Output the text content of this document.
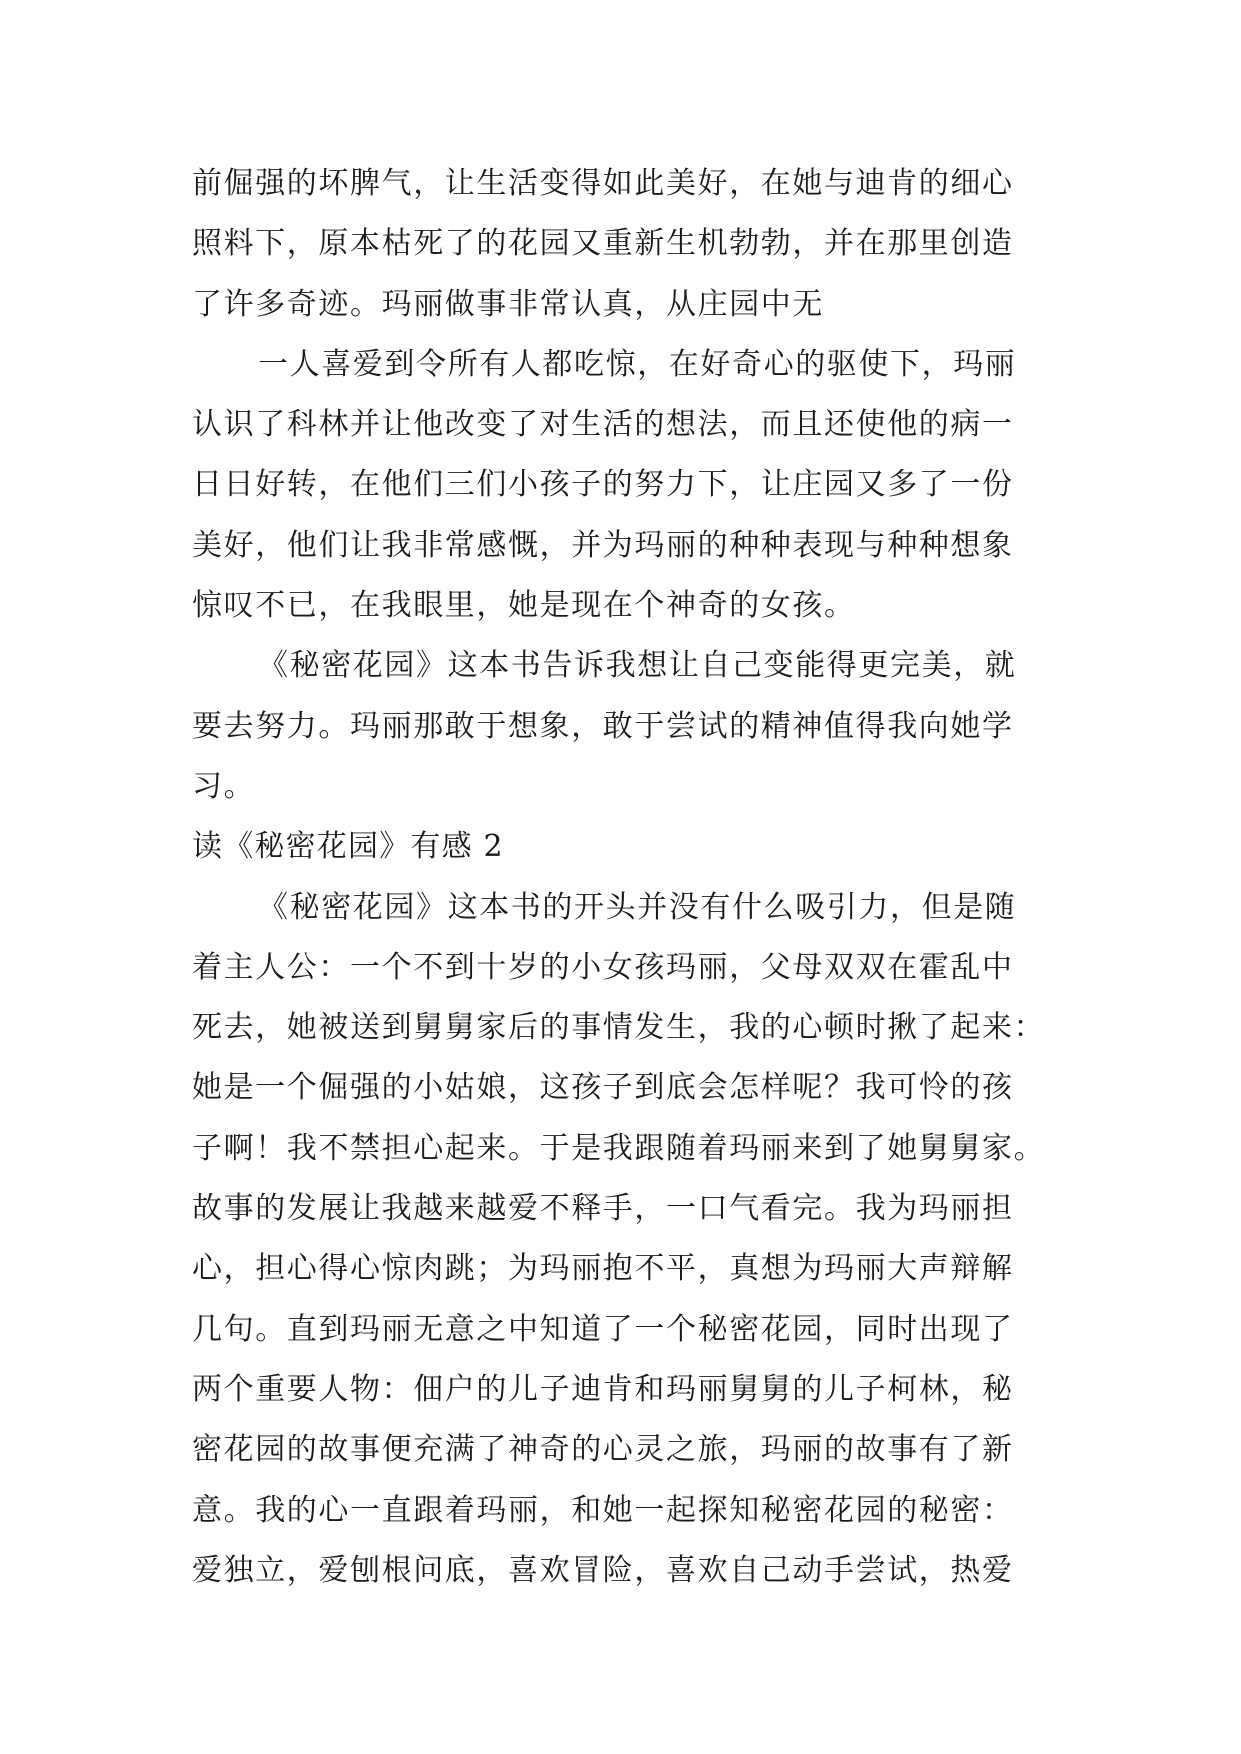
前倔强的坏脾气，让生活变得如此美好，在她与迪肯的细心
照料下，原本枯死了的花园又重新生机勃勃，并在那里创造
了许多奇迹。玛丽做事非常认真，从庄园中无
一人喜爱到令所有人都吃惊，在好奇心的驱使下，玛丽
认识了科林并让他改变了对生活的想法，而且还使他的病一
日日好转，在他们三们小孩子的努力下，让庄园又多了一份
美好，他们让我非常感慨，并为玛丽的种种表现与种种想象
惊叹不已，在我眼里，她是现在个神奇的女孩。
《秘密花园》这本书告诉我想让自己变能得更完美，就
要去努力。玛丽那敢于想象，敢于尝试的精神值得我向她学
习。
读《秘密花园》有感 2
《秘密花园》这本书的开头并没有什么吸引力，但是随
着主人公：一个不到十岁的小女孩玛丽，父母双双在霍乱中
死去，她被送到舅舅家后的事情发生，我的心顿时揪了起来：
她是一个倔强的小姑娘，这孩子到底会怎样呢？我可怜的孩
子啊！我不禁担心起来。于是我跟随着玛丽来到了她舅舅家。
故事的发展让我越来越爱不释手，一口气看完。我为玛丽担
心，担心得心惊肉跳；为玛丽抱不平，真想为玛丽大声辩解
几句。直到玛丽无意之中知道了一个秘密花园，同时出现了
两个重要人物：佃户的儿子迪肯和玛丽舅舅的儿子柯林，秘
密花园的故事便充满了神奇的心灵之旅，玛丽的故事有了新
意。我的心一直跟着玛丽，和她一起探知秘密花园的秘密：
爱独立，爱刨根问底，喜欢冒险，喜欢自己动手尝试，热爱
